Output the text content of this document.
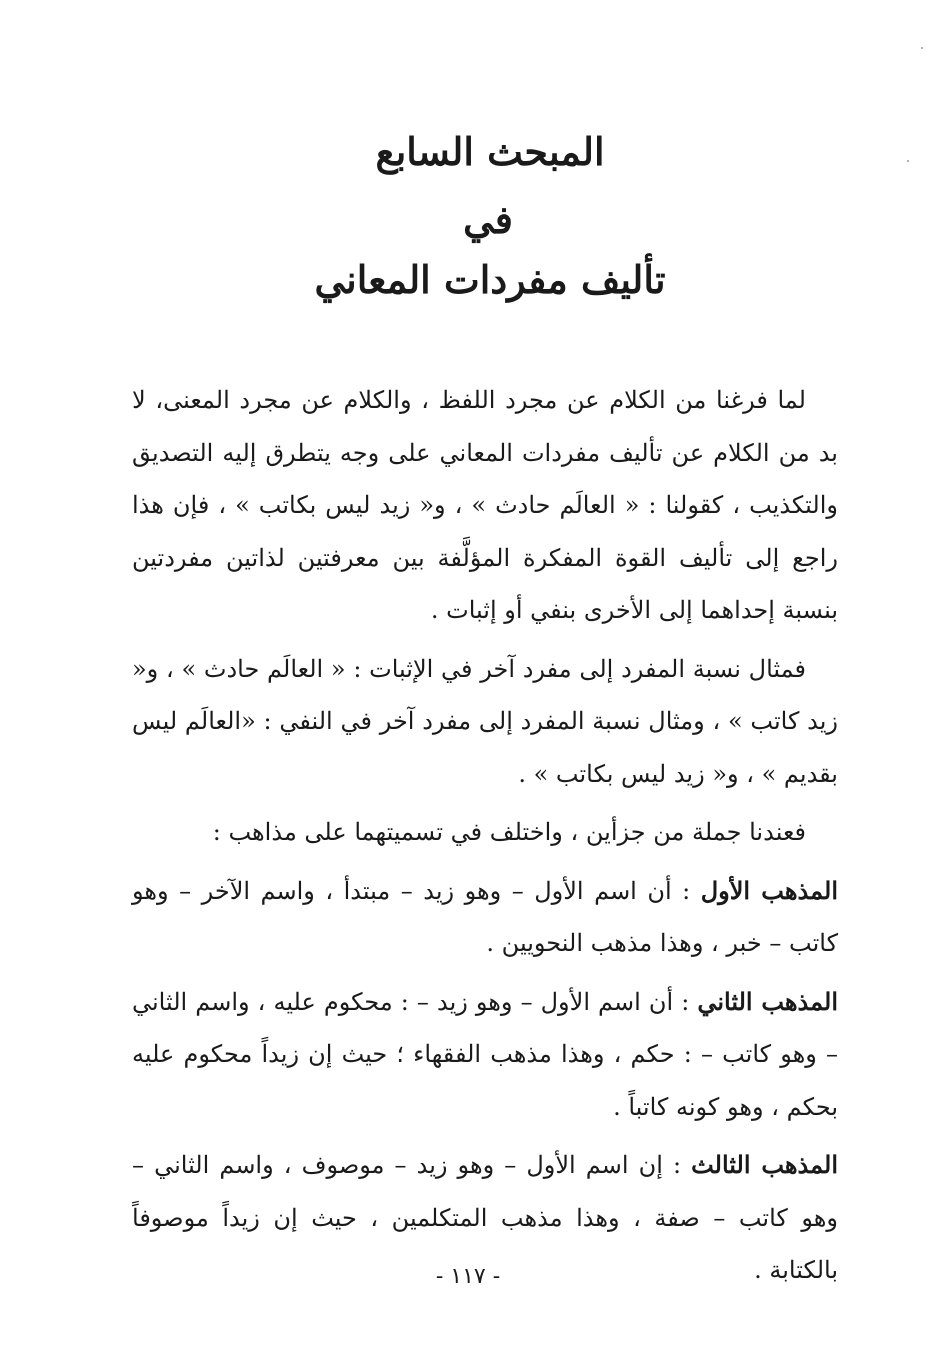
المبحث السابع
في
تأليف مفردات المعاني

لما فرغنا من الكلام عن مجرد اللفظ ، والكلام عن مجرد المعنى، لا بد من الكلام عن تأليف مفردات المعاني على وجه يتطرق إليه التصديق والتكذيب ، كقولنا : « العالَم حادث » ، و« زيد ليس بكاتب » ، فإن هذا راجع إلى تأليف القوة المفكرة المؤلَّفة بين معرفتين لذاتين مفردتين بنسبة إحداهما إلى الأخرى بنفي أو إثبات .

فمثال نسبة المفرد إلى مفرد آخر في الإثبات : « العالَم حادث » ، و« زيد كاتب » ، ومثال نسبة المفرد إلى مفرد آخر في النفي : «العالَم ليس بقديم » ، و« زيد ليس بكاتب » .

فعندنا جملة من جزأين ، واختلف في تسميتهما على مذاهب :

المذهب الأول : أن اسم الأول – وهو زيد – مبتدأ ، واسم الآخر – وهو كاتب – خبر ، وهذا مذهب النحويين .

المذهب الثاني : أن اسم الأول – وهو زيد – : محكوم عليه ، واسم الثاني – وهو كاتب – : حكم ، وهذا مذهب الفقهاء ؛ حيث إن زيداً محكوم عليه بحكم ، وهو كونه كاتباً .

المذهب الثالث : إن اسم الأول – وهو زيد – موصوف ، واسم الثاني – وهو كاتب – صفة ، وهذا مذهب المتكلمين ، حيث إن زيداً موصوفاً بالكتابة .

- ١١٧ -
